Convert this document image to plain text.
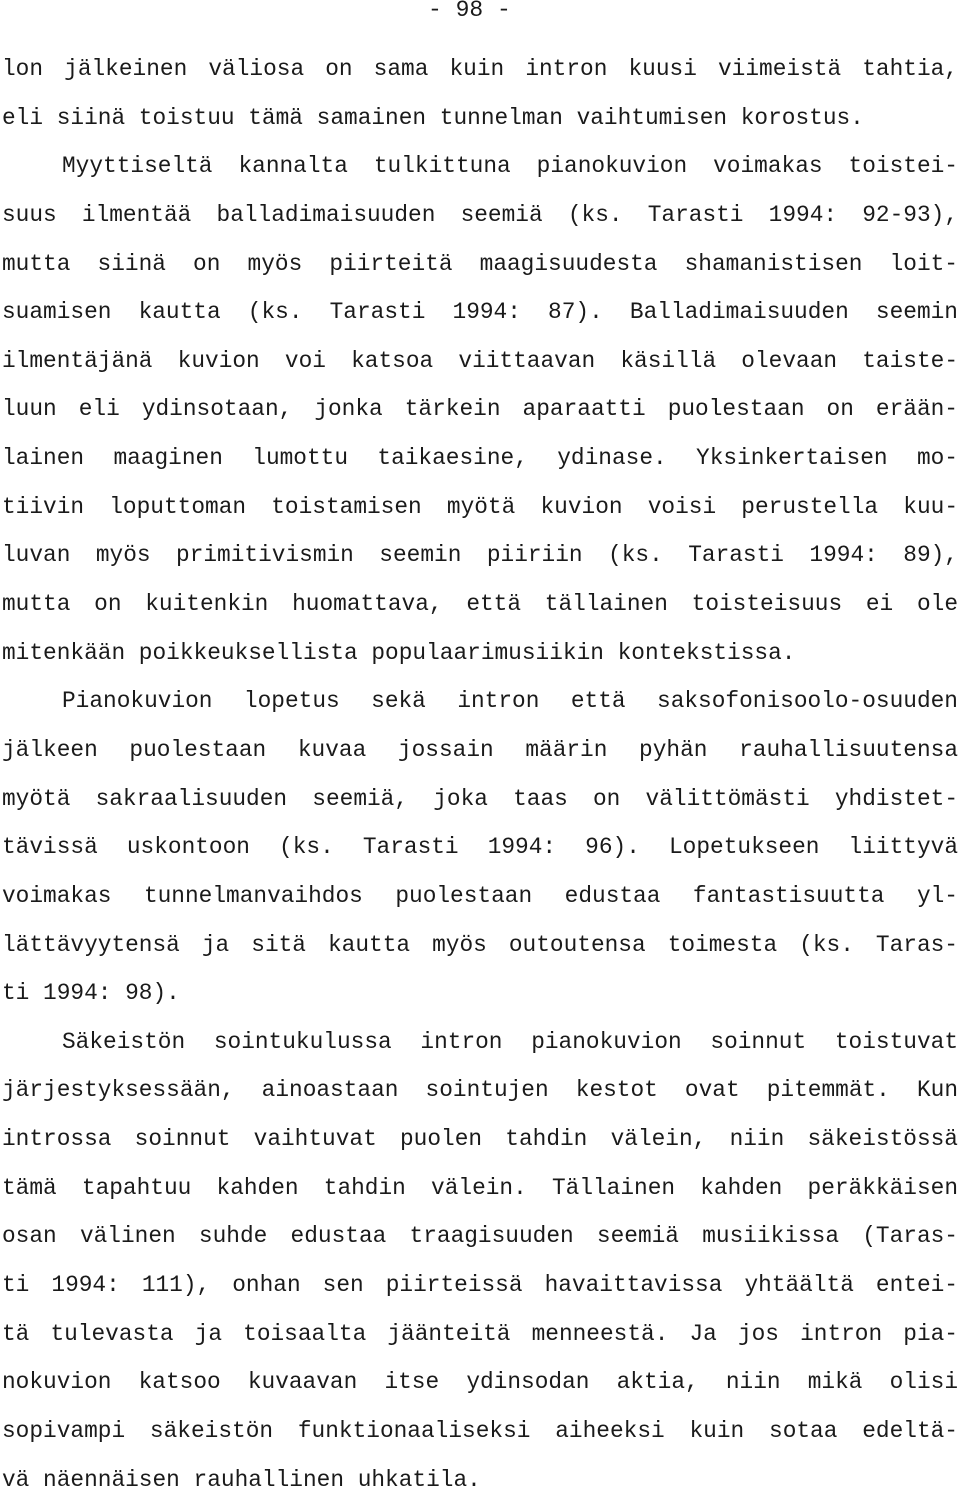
- 98 -
lon jälkeinen väliosa on sama kuin intron kuusi viimeistä tahtia,
eli siinä toistuu tämä samainen tunnelman vaihtumisen korostus.
Myyttiseltä kannalta tulkittuna pianokuvion voimakas toistei-
suus ilmentää balladimaisuuden seemiä (ks. Tarasti 1994: 92-93),
mutta siinä on myös piirteitä maagisuudesta shamanistisen loit-
suamisen kautta (ks. Tarasti 1994: 87). Balladimaisuuden seemin
ilmentäjänä kuvion voi katsoa viittaavan käsillä olevaan taiste-
luun eli ydinsotaan, jonka tärkein aparaatti puolestaan on erään-
lainen maaginen lumottu taikaesine, ydinase. Yksinkertaisen mo-
tiivin loputtoman toistamisen myötä kuvion voisi perustella kuu-
luvan myös primitivismin seemin piiriin (ks. Tarasti 1994: 89),
mutta on kuitenkin huomattava, että tällainen toisteisuus ei ole
mitenkään poikkeuksellista populaarimusiikin kontekstissa.
Pianokuvion lopetus sekä intron että saksofonisoolo-osuuden
jälkeen puolestaan kuvaa jossain määrin pyhän rauhallisuutensa
myötä sakraalisuuden seemiä, joka taas on välittömästi yhdistet-
tävissä uskontoon (ks. Tarasti 1994: 96). Lopetukseen liittyvä
voimakas tunnelmanvaihdos puolestaan edustaa fantastisuutta yl-
lättävyytensä ja sitä kautta myös outoutensa toimesta (ks. Taras-
ti 1994: 98).
Säkeistön sointukulussa intron pianokuvion soinnut toistuvat
järjestyksessään, ainoastaan sointujen kestot ovat pitemmät. Kun
introssa soinnut vaihtuvat puolen tahdin välein, niin säkeistössä
tämä tapahtuu kahden tahdin välein. Tällainen kahden peräkkäisen
osan välinen suhde edustaa traagisuuden seemiä musiikissa (Taras-
ti 1994: 111), onhan sen piirteissä havaittavissa yhtäältä entei-
tä tulevasta ja toisaalta jäänteitä menneestä. Ja jos intron pia-
nokuvion katsoo kuvaavan itse ydinsodan aktia, niin mikä olisi
sopivampi säkeistön funktionaaliseksi aiheeksi kuin sotaa edeltä-
vä näennäisen rauhallinen uhkatila.
